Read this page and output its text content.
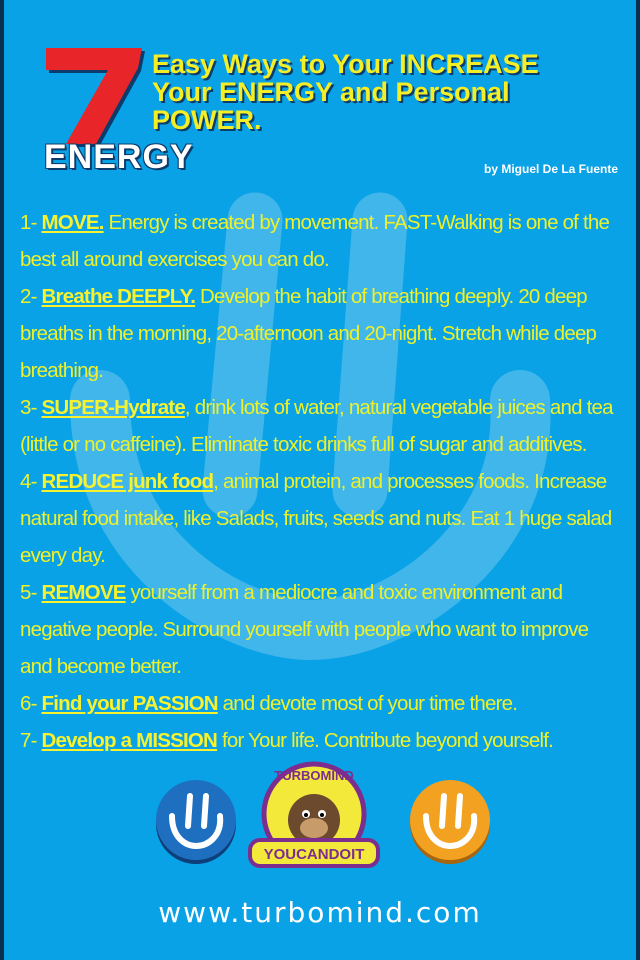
ENERGY
Easy Ways to Your INCREASE
Your ENERGY and Personal
POWER.
by Miguel De La Fuente

1- MOVE. Energy is created by movement. FAST-Walking is one of the best all around exercises you can do.

2- Breathe DEEPLY. Develop the habit of breathing deeply. 20 deep breaths in the morning, 20-afternoon and 20-night. Stretch while deep breathing.

3- SUPER-Hydrate, drink lots of water, natural vegetable juices and tea (little or no caffeine). Eliminate toxic drinks full of sugar and additives.

4- REDUCE junk food, animal protein, and processes foods. Increase natural food intake, like Salads, fruits, seeds and nuts. Eat 1 huge salad every day.

5- REMOVE yourself from a mediocre and toxic environment and negative people. Surround yourself with people who want to improve and become better.

6- Find your PASSION and devote most of your time there.

7- Develop a MISSION for Your life. Contribute beyond yourself.

TURBOMIND
YOUCANDOIT
www.turbomind.com
